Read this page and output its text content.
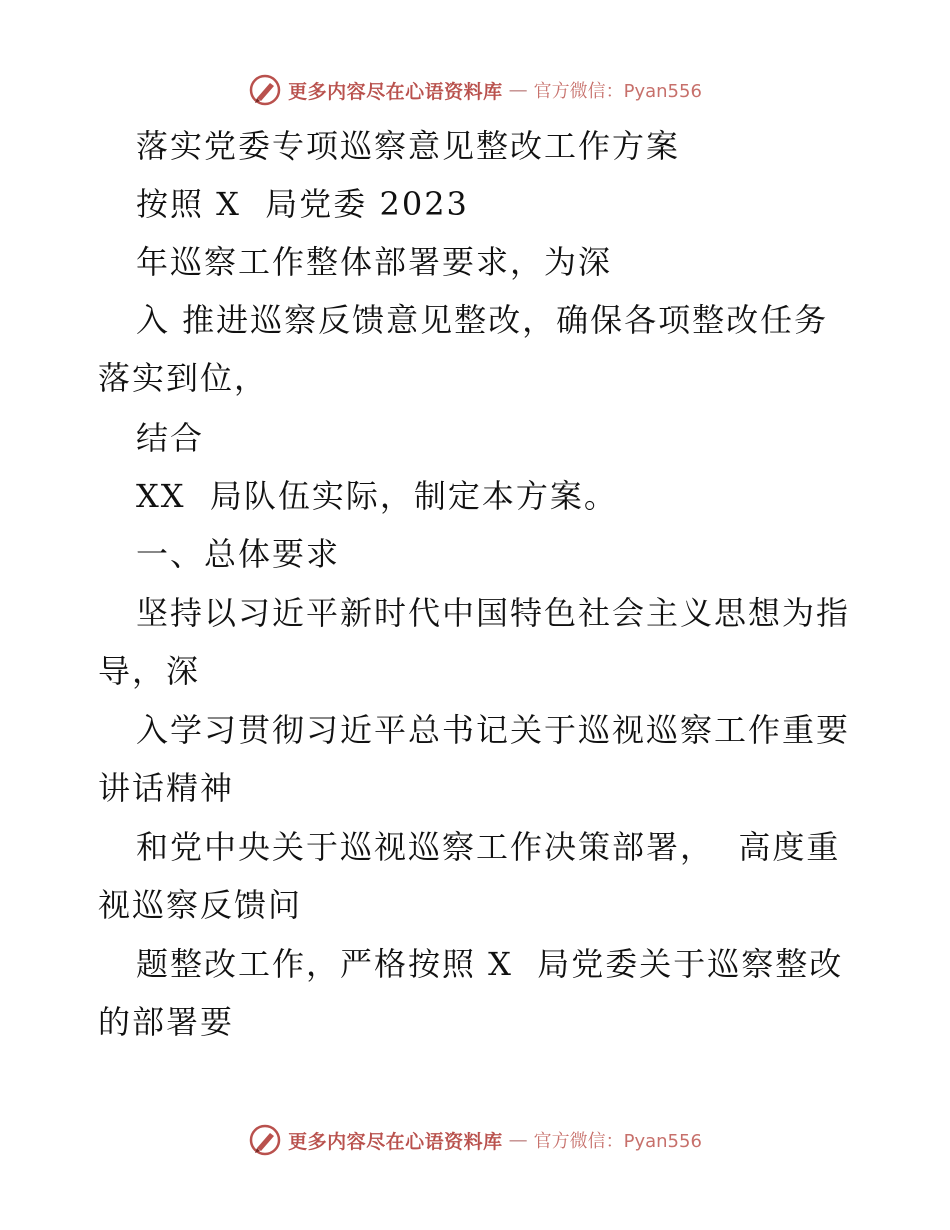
更多内容尽在心语资料库 — 官方微信：Pyan556
落实党委专项巡察意见整改工作方案
按照 X  局党委 2023
年巡察工作整体部署要求，为深
入 推进巡察反馈意见整改，确保各项整改任务
落实到位，
结合
XX  局队伍实际，制定本方案。
一、总体要求
坚持以习近平新时代中国特色社会主义思想为指
导，深
入学习贯彻习近平总书记关于巡视巡察工作重要
讲话精神
和党中央关于巡视巡察工作决策部署，  高度重
视巡察反馈问
题整改工作，严格按照 X  局党委关于巡察整改
的部署要
更多内容尽在心语资料库 — 官方微信：Pyan556
